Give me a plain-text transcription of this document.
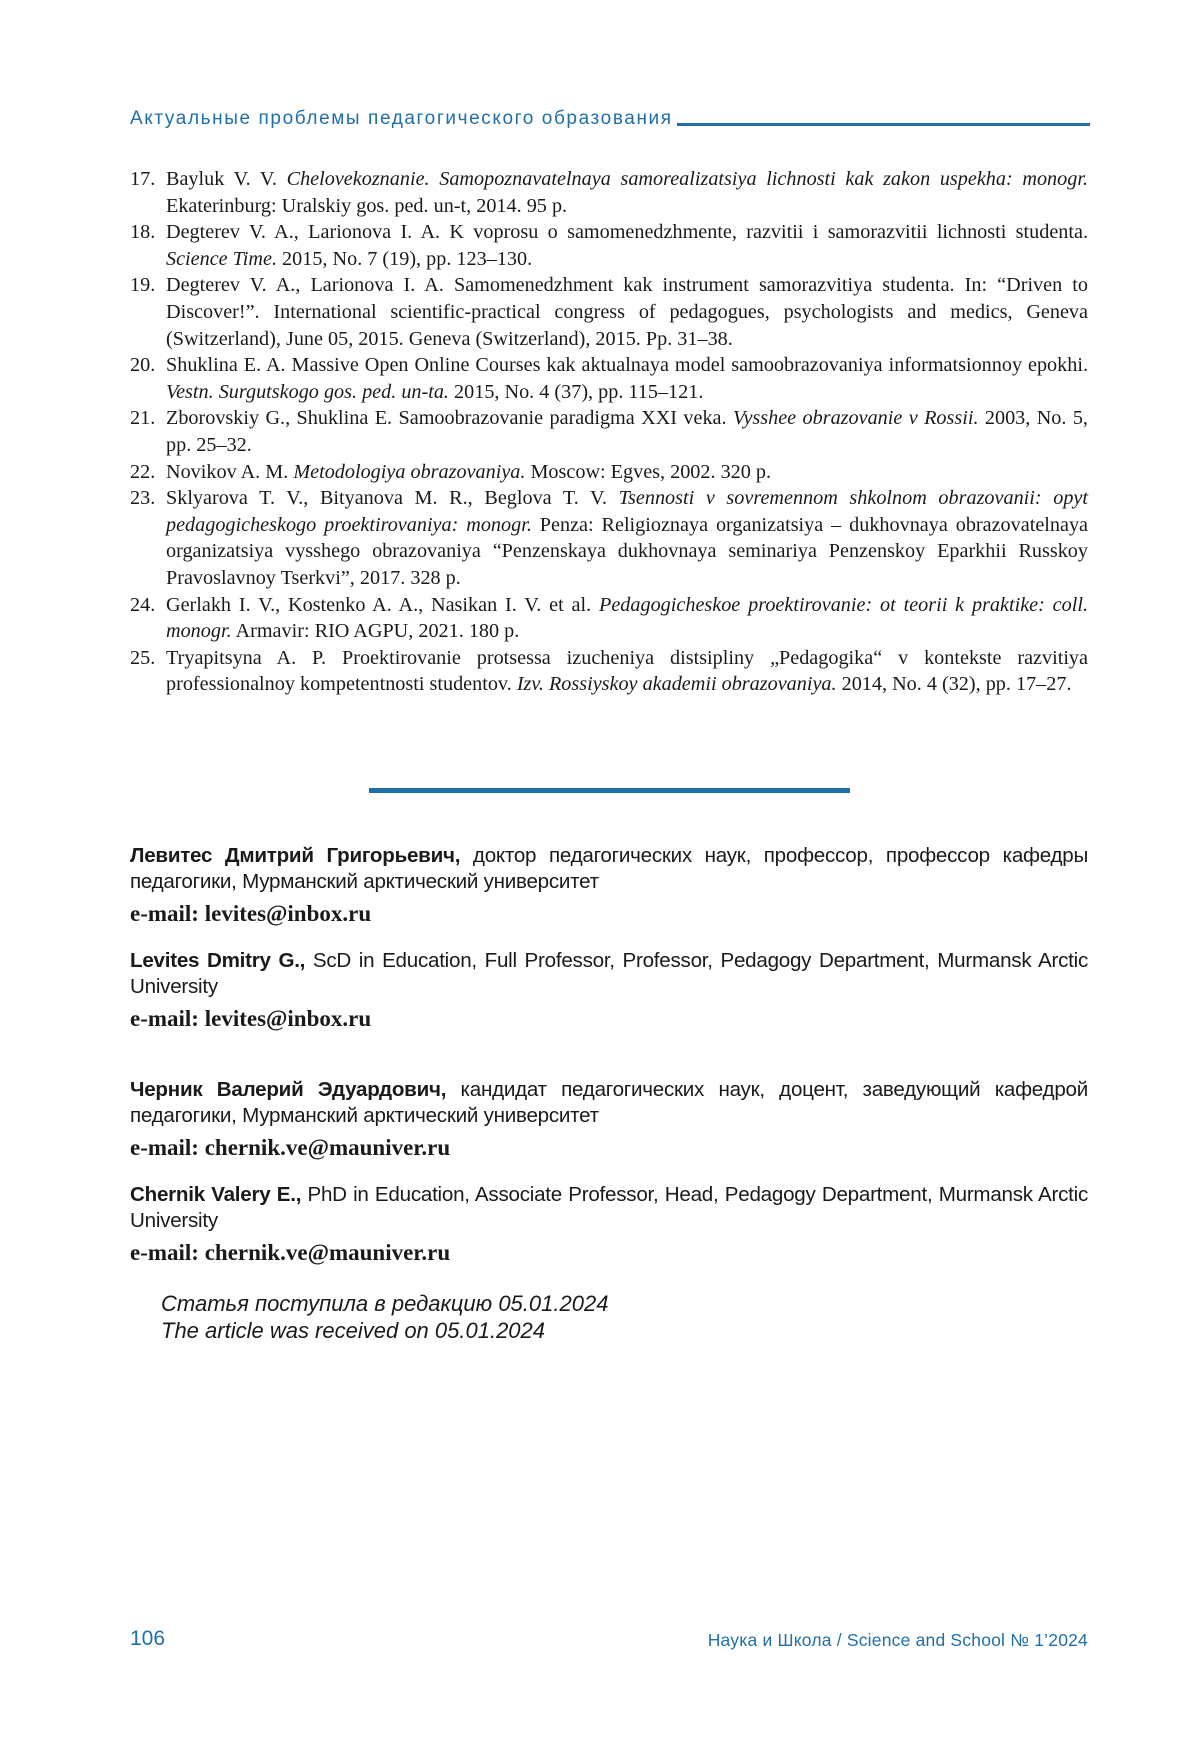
Актуальные проблемы педагогического образования
17. Bayluk V. V. Chelovekoznanie. Samopoznavatelnaya samorealizatsiya lichnosti kak zakon uspekha: monogr. Ekaterinburg: Uralskiy gos. ped. un-t, 2014. 95 p.
18. Degterev V. A., Larionova I. A. K voprosu o samomenedzhmente, razvitii i samorazvitii lichnosti studenta. Science Time. 2015, No. 7 (19), pp. 123–130.
19. Degterev V. A., Larionova I. A. Samomenedzhment kak instrument samorazvitiya studenta. In: “Driven to Discover!”. International scientific-practical congress of pedagogues, psychologists and medics, Geneva (Switzerland), June 05, 2015. Geneva (Switzerland), 2015. Pp. 31–38.
20. Shuklina E. A. Massive Open Online Courses kak aktualnaya model samoobrazovaniya informatsionnoy epokhi. Vestn. Surgutskogo gos. ped. un-ta. 2015, No. 4 (37), pp. 115–121.
21. Zborovskiy G., Shuklina E. Samoobrazovanie paradigma XXI veka. Vysshee obrazovanie v Rossii. 2003, No. 5, pp. 25–32.
22. Novikov A. M. Metodologiya obrazovaniya. Moscow: Egves, 2002. 320 p.
23. Sklyarova T. V., Bityanova M. R., Beglova T. V. Tsennosti v sovremennom shkolnom obrazovanii: opyt pedagogicheskogo proektirovaniya: monogr. Penza: Religioznaya organizatsiya – dukhovnaya obrazovatelnaya organizatsiya vysshego obrazovaniya “Penzenskaya dukhovnaya seminariya Penzenskoy Eparkhii Russkoy Pravoslavnoy Tserkvi”, 2017. 328 p.
24. Gerlakh I. V., Kostenko A. A., Nasikan I. V. et al. Pedagogicheskoe proektirovanie: ot teorii k praktike: coll. monogr. Armavir: RIO AGPU, 2021. 180 p.
25. Tryapitsyna A. P. Proektirovanie protsessa izucheniya distsipliny „Pedagogika“ v kontekste razvitiya professionalnoy kompetentnosti studentov. Izv. Rossiyskoy akademii obrazovaniya. 2014, No. 4 (32), pp. 17–27.

Левитес Дмитрий Григорьевич, доктор педагогических наук, профессор, профессор кафедры педагогики, Мурманский арктический университет

e-mail: levites@inbox.ru

Levites Dmitry G., ScD in Education, Full Professor, Professor, Pedagogy Department, Murmansk Arctic University

e-mail: levites@inbox.ru

Черник Валерий Эдуардович, кандидат педагогических наук, доцент, заведующий кафедрой педагогики, Мурманский арктический университет

e-mail: chernik.ve@mauniver.ru

Chernik Valery E., PhD in Education, Associate Professor, Head, Pedagogy Department, Murmansk Arctic University

e-mail: chernik.ve@mauniver.ru

Статья поступила в редакцию 05.01.2024
The article was received on 05.01.2024
106	Наука и Школа / Science and School № 1’2024
